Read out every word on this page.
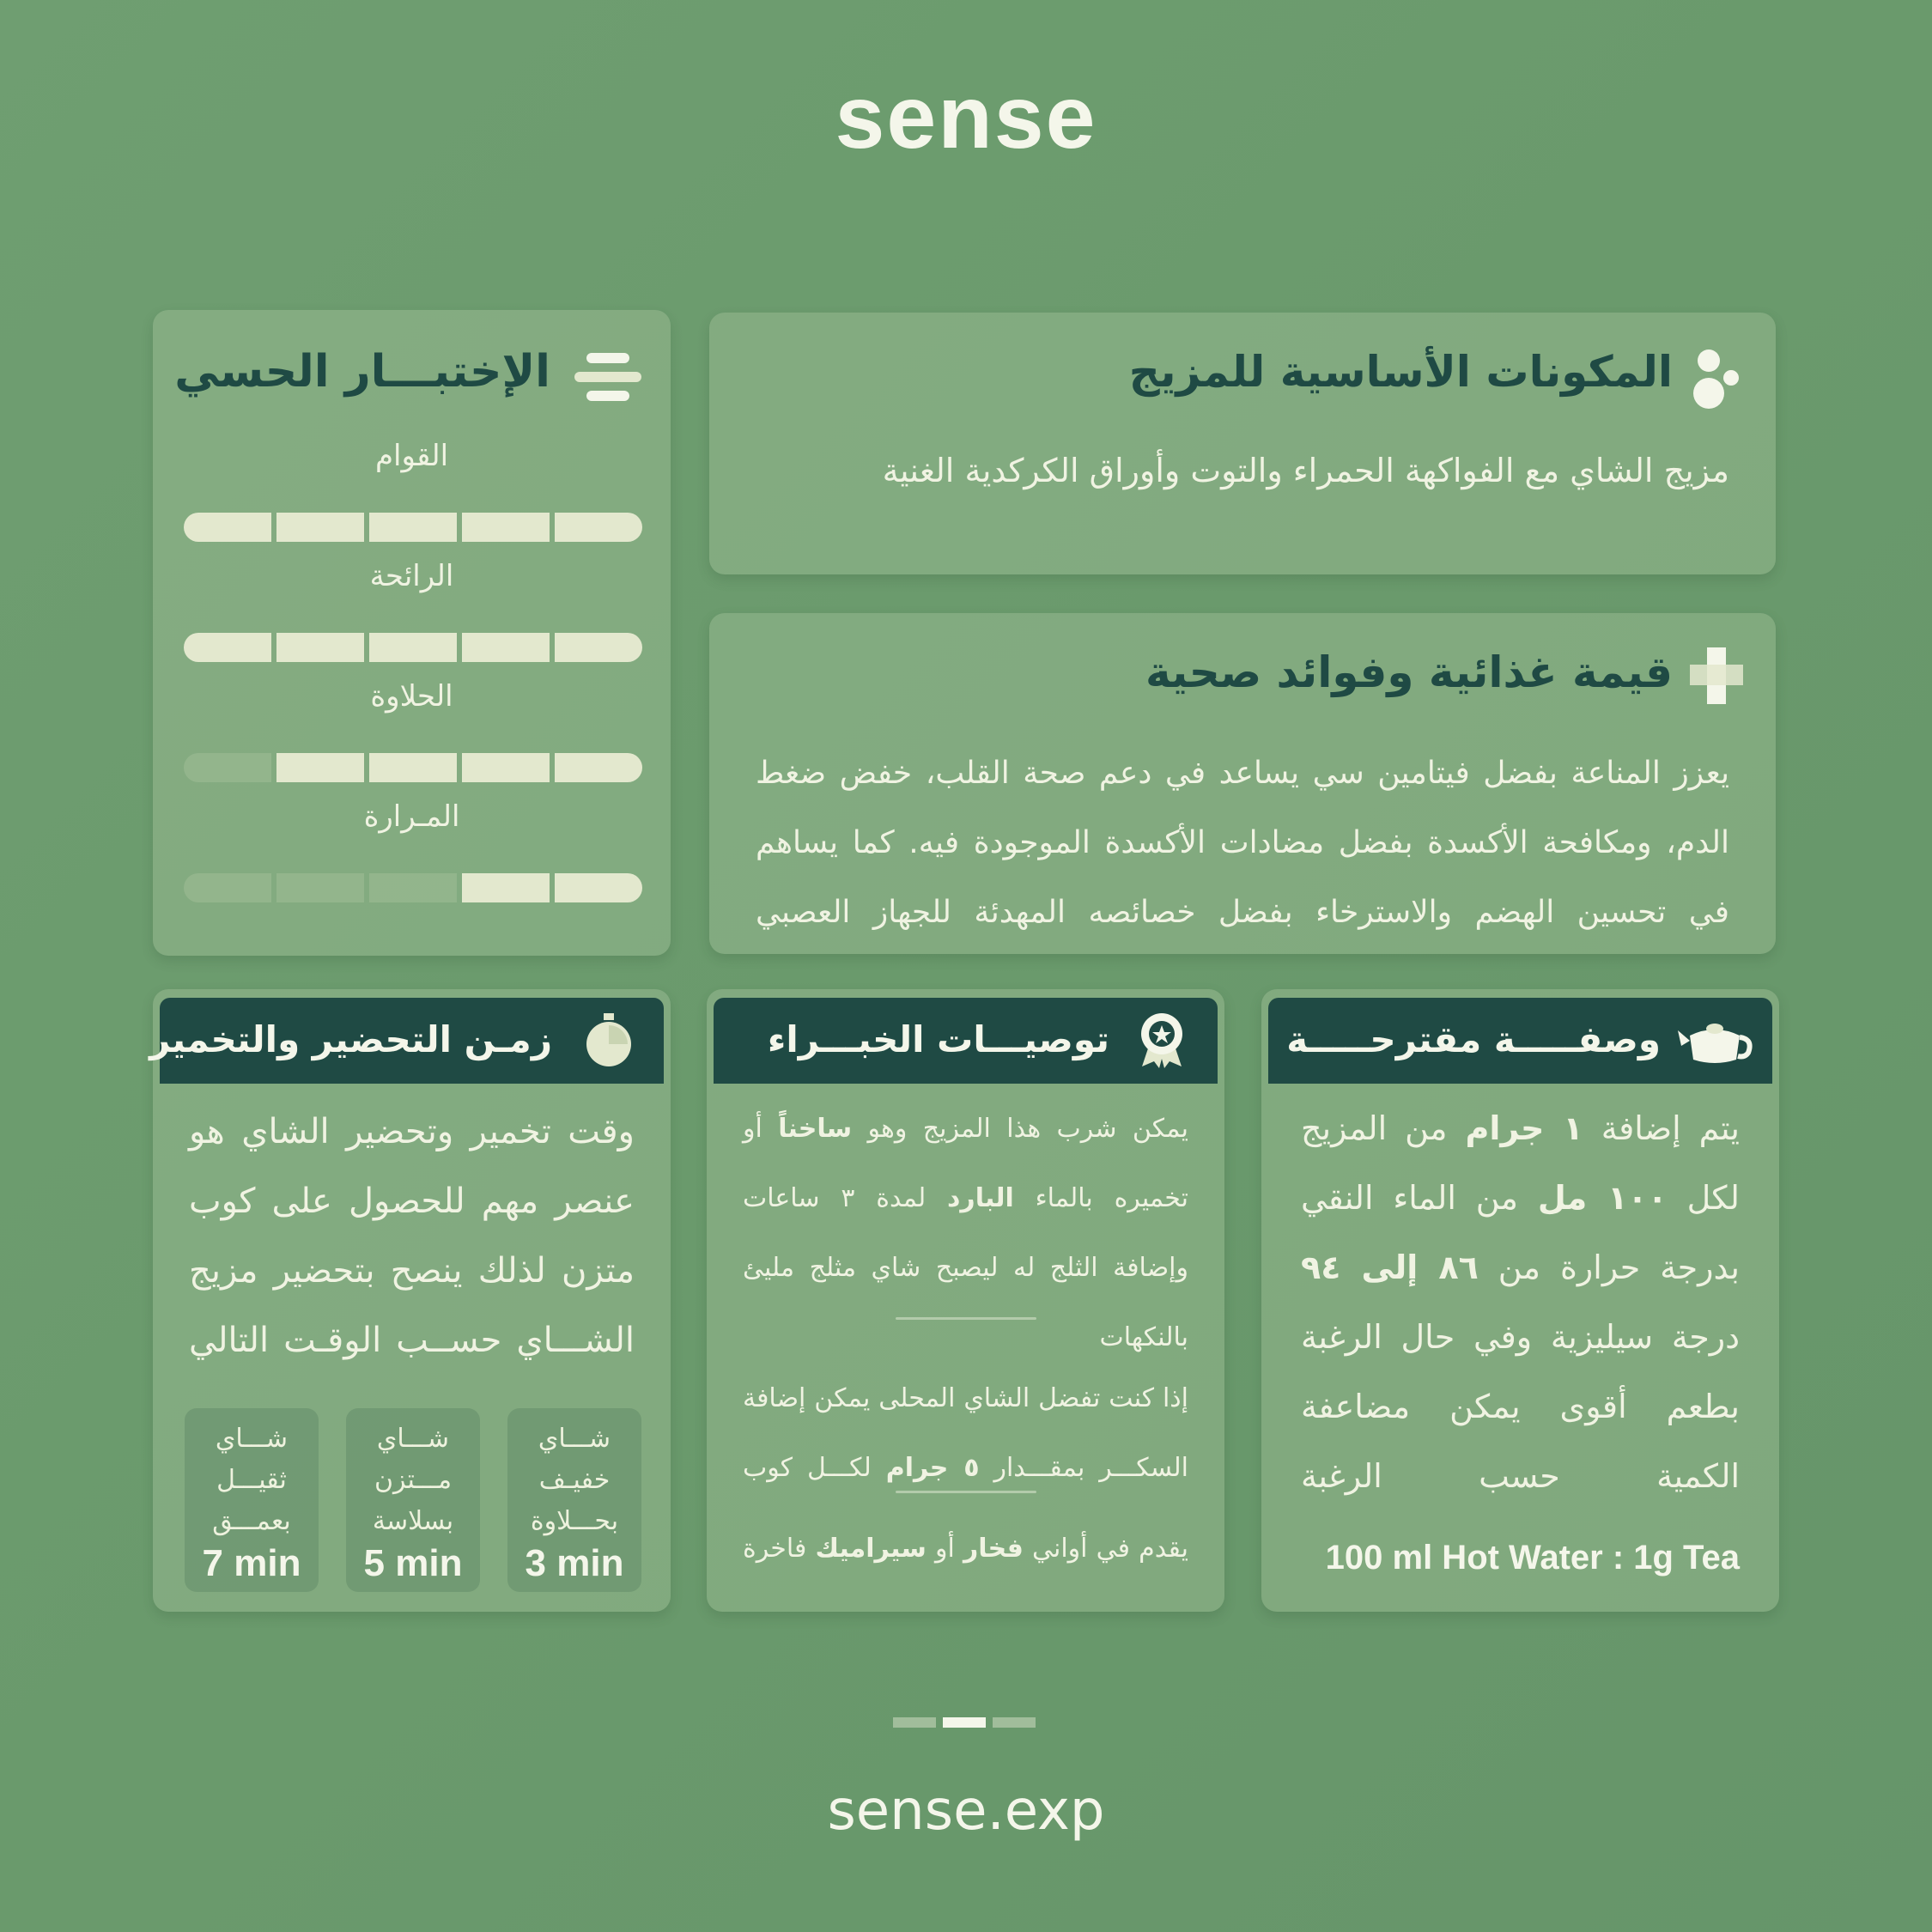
sense
المكونات الأساسية للمزيج
مزيج الشاي مع الفواكهة الحمراء والتوت وأوراق الكركدية الغنية
قيمة غذائية وفوائد صحية
يعزز المناعة بفضل فيتامين سي يساعد في دعم صحة القلب، خفض ضغط الدم، ومكافحة الأكسدة بفضل مضادات الأكسدة الموجودة فيه. كما يساهم في تحسين الهضم والاسترخاء بفضل خصائصه المهدئة للجهاز العصبي
الإختبـــار الحسي
القوام
الرائحة
الحلاوة
المـرارة
زمـن التحضير والتخمير
وقت تخمير وتحضير الشاي هو عنصر مهم للحصول على كوب متزن لذلك ينصح بتحضير مزيج الشـــاي حســب الوقـت التالي
شـــاي
خفيـف
بحـــلاوة
3 min
شـــاي
مـــتزن
بسلاسة
5 min
شـــاي
ثقيـــل
بعمـــق
7 min
توصيـــات الخبـــراء
يمكن شرب هذا المزيج وهو ساخناً أو تخميره بالماء البارد لمدة ٣ ساعات وإضافة الثلج له ليصبح شاي مثلج مليئ بالنكهات
إذا كنت تفضل الشاي المحلى يمكن إضافة السكـــر بمقـــدار ٥ جرام لكـــل كوب
يقدم في أواني فخار أو سيراميك فاخرة
وصفـــــة مقترحـــــة
يتم إضافة ١ جرام من المزيج لكل ١٠٠ مل من الماء النقي بدرجة حرارة من ٨٦ إلى ٩٤ درجة سيليزية وفي حال الرغبة بطعم أقوى يمكن مضاعفة الكمية حسب الرغبة
100 ml Hot Water : 1g Tea
sense.exp
